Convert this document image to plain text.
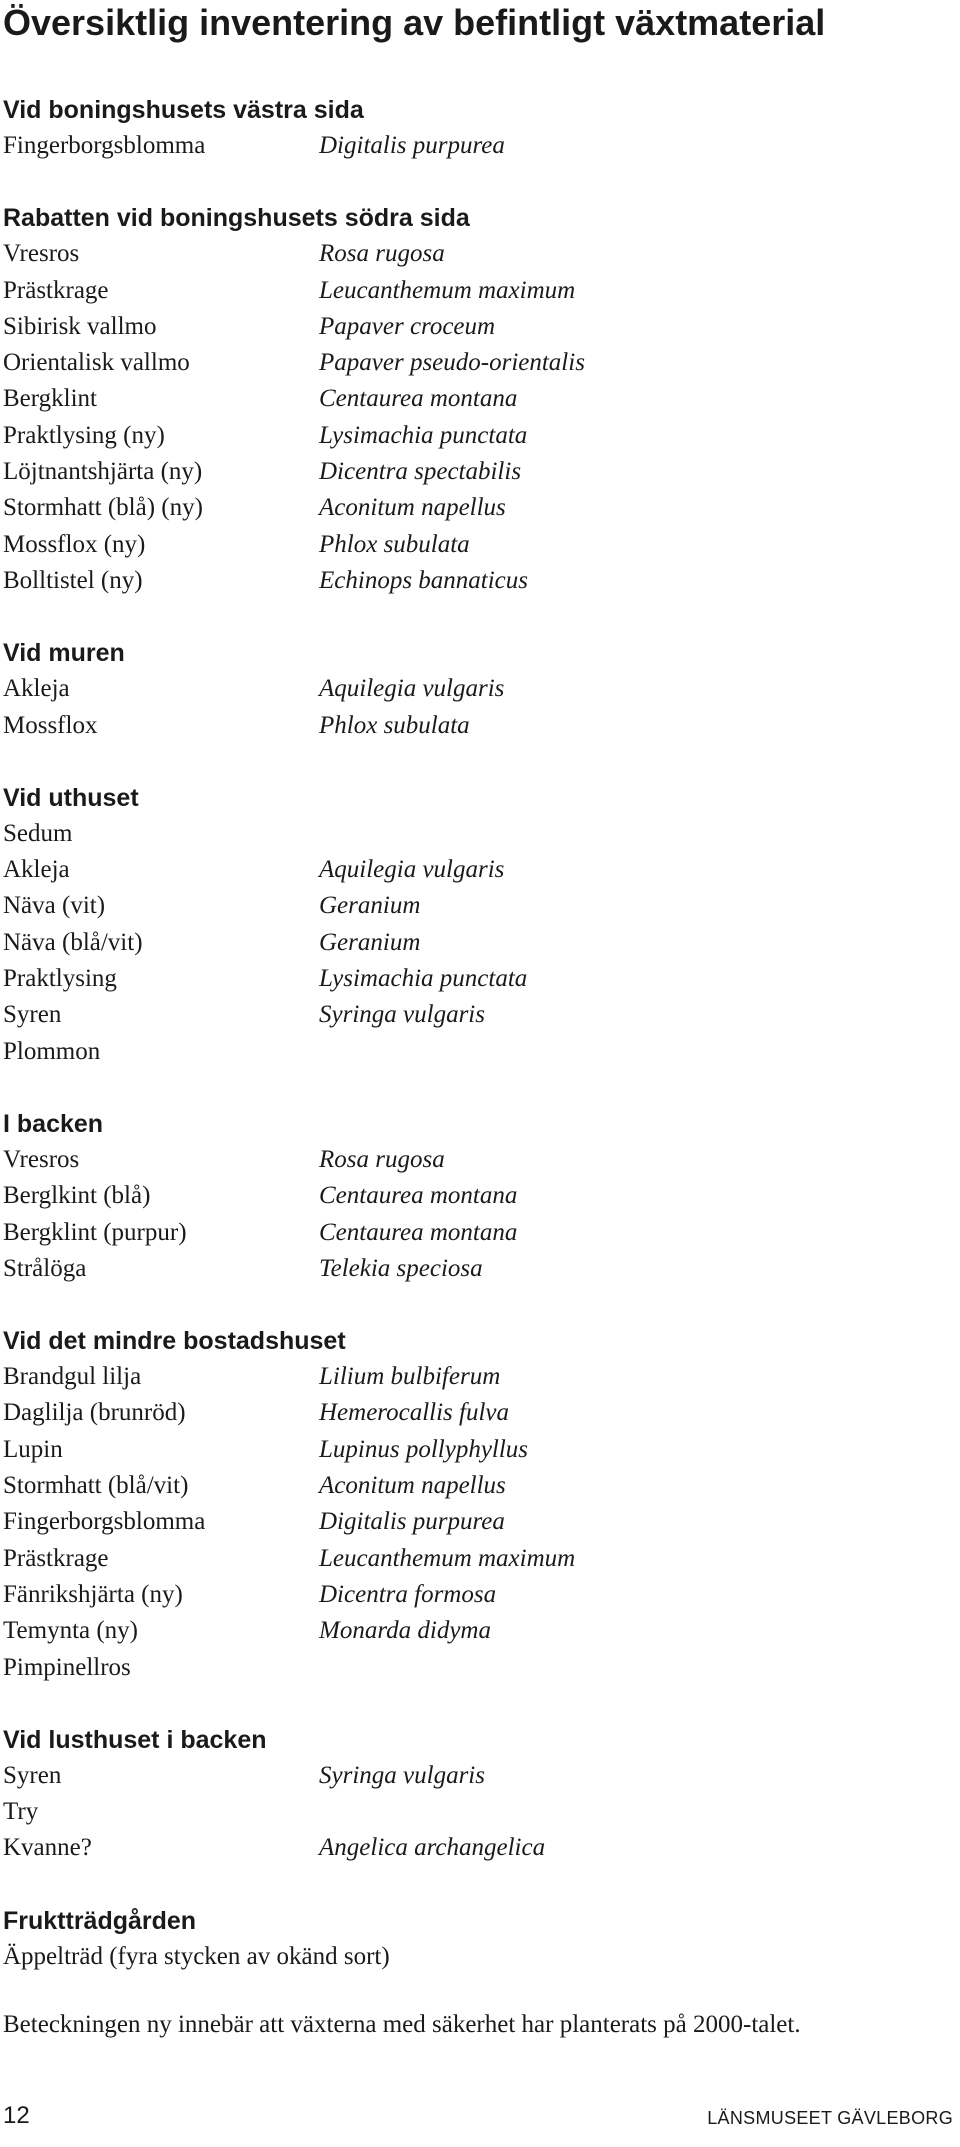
Översiktlig inventering av befintligt växtmaterial
Vid boningshusets västra sida
Fingerborgsblomma	Digitalis purpurea
Rabatten vid boningshusets södra sida
Vresros	Rosa rugosa
Prästkrage	Leucanthemum maximum
Sibirisk vallmo	Papaver croceum
Orientalisk vallmo	Papaver pseudo-orientalis
Bergklint	Centaurea montana
Praktlysing (ny)	Lysimachia punctata
Löjtnantshjärta (ny)	Dicentra spectabilis
Stormhatt (blå) (ny)	Aconitum napellus
Mossflox (ny)	Phlox subulata
Bolltistel (ny)	Echinops bannaticus
Vid muren
Akleja	Aquilegia vulgaris
Mossflox	Phlox subulata
Vid uthuset
Sedum
Akleja	Aquilegia vulgaris
Näva (vit)	Geranium
Näva (blå/vit)	Geranium
Praktlysing	Lysimachia punctata
Syren	Syringa vulgaris
Plommon
I backen
Vresros	Rosa rugosa
Berglkint (blå)	Centaurea montana
Bergklint (purpur)	Centaurea montana
Strålöga	Telekia speciosa
Vid det mindre bostadshuset
Brandgul lilja	Lilium bulbiferum
Daglilja (brunröd)	Hemerocallis fulva
Lupin	Lupinus pollyphyllus
Stormhatt (blå/vit)	Aconitum napellus
Fingerborgsblomma	Digitalis purpurea
Prästkrage	Leucanthemum maximum
Fänrikshjärta (ny)	Dicentra formosa
Temynta (ny)	Monarda didyma
Pimpinellros
Vid lusthuset i backen
Syren	Syringa vulgaris
Try
Kvanne?	Angelica archangelica
Fruktträdgården
Äppelträd (fyra stycken av okänd sort)
Beteckningen ny innebär att växterna med säkerhet har planterats på 2000-talet.
12	LÄNSMUSEET GÄVLEBORG
